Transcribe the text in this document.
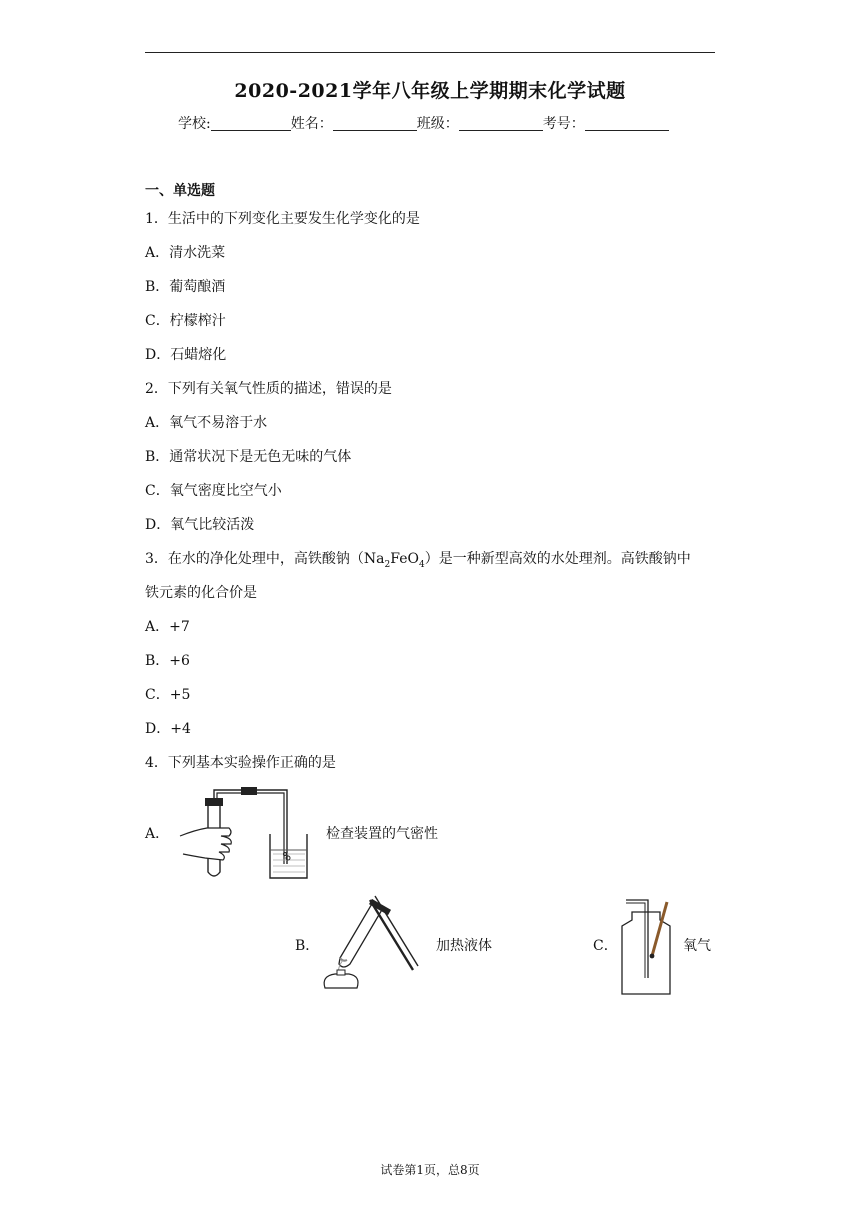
2020-2021学年八年级上学期期末化学试题
学校:	姓名：	班级：	考号：
一、单选题
1．生活中的下列变化主要发生化学变化的是
A．清水洗菜
B．葡萄酿酒
C．柠檬榨汁
D．石蜡熔化
2．下列有关氧气性质的描述，错误的是
A．氧气不易溶于水
B．通常状况下是无色无味的气体
C．氧气密度比空气小
D．氧气比较活泼
3．在水的净化处理中，高铁酸钠$(Na_2FeO_4)$是一种新型高效的水处理剂。高铁酸钠中
铁元素的化合价是
A．+7
B．+6
C．+5
D．+4
4．下列基本实验操作正确的是
A．	检查装置的气密性
B．	加热液体	C．	氧气
试卷第1页，总8页
